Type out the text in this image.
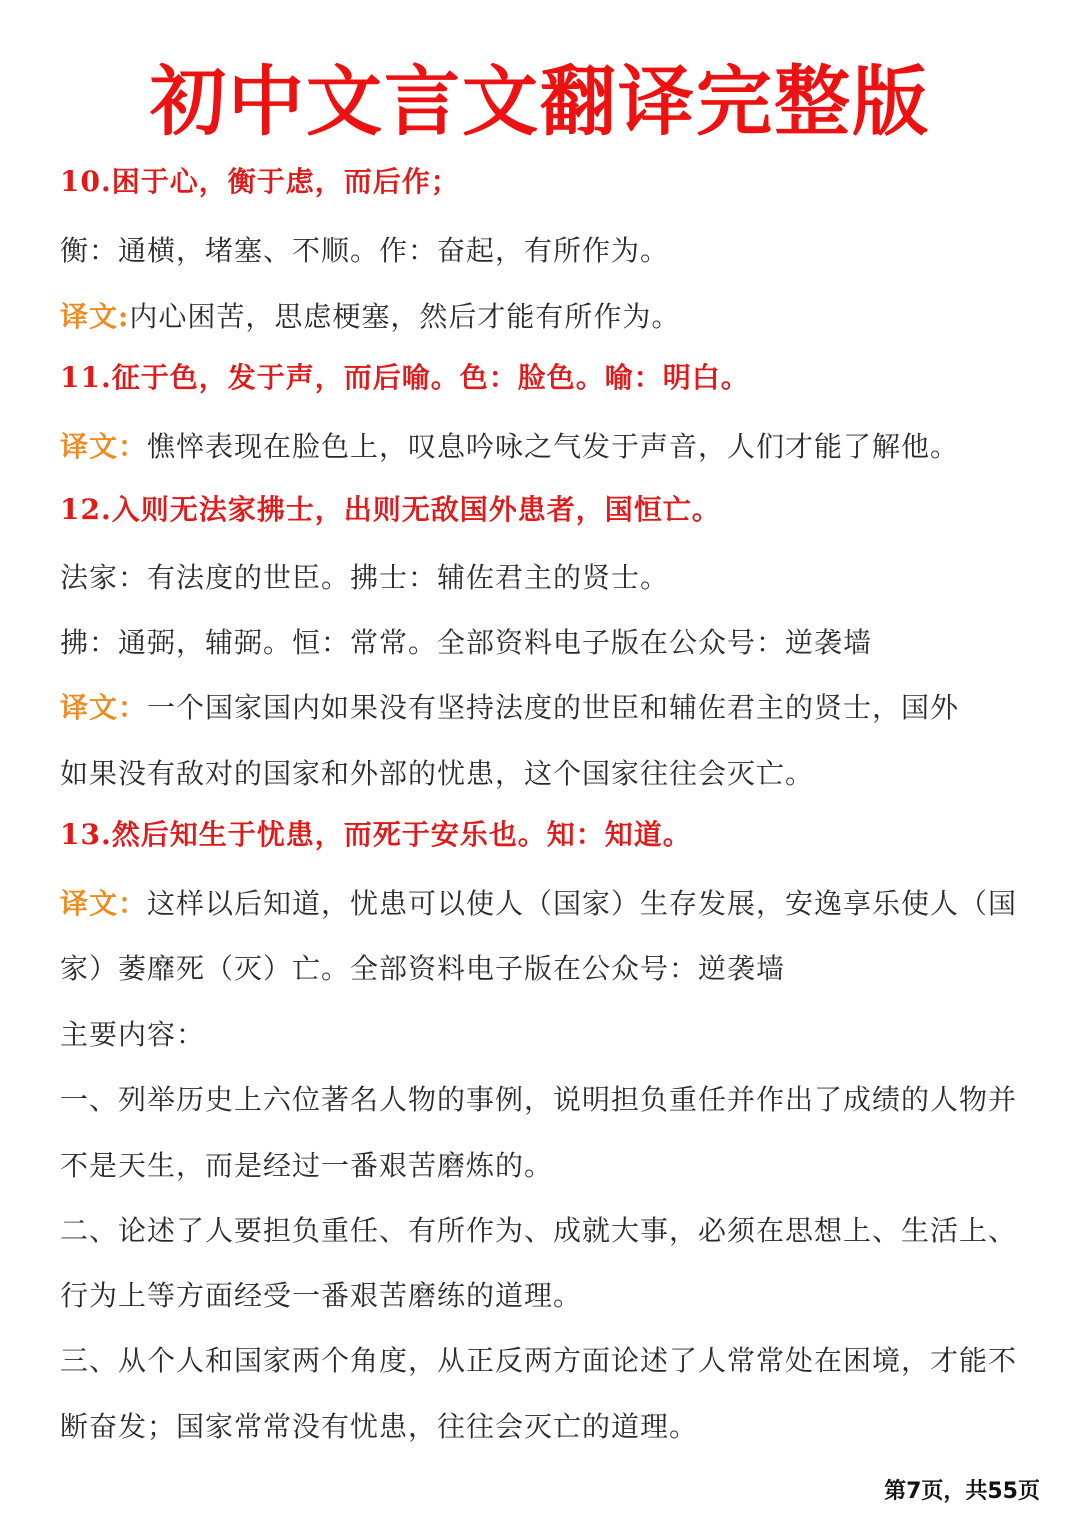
初中文言文翻译完整版
10.困于心，衡于虑，而后作；
衡：通横，堵塞、不顺。作：奋起，有所作为。
译文:内心困苦，思虑梗塞，然后才能有所作为。
11.征于色，发于声，而后喻。色：脸色。喻：明白。
译文：憔悴表现在脸色上，叹息吟咏之气发于声音，人们才能了解他。
12.入则无法家拂士，出则无敌国外患者，国恒亡。
法家：有法度的世臣。拂士：辅佐君主的贤士。
拂：通弼，辅弼。恒：常常。全部资料电子版在公众号：逆袭墙
译文：一个国家国内如果没有坚持法度的世臣和辅佐君主的贤士，国外
如果没有敌对的国家和外部的忧患，这个国家往往会灭亡。
13.然后知生于忧患，而死于安乐也。知：知道。
译文：这样以后知道，忧患可以使人（国家）生存发展，安逸享乐使人（国
家）萎靡死（灭）亡。全部资料电子版在公众号：逆袭墙
主要内容：
一、列举历史上六位著名人物的事例，说明担负重任并作出了成绩的人物并
不是天生，而是经过一番艰苦磨炼的。
二、论述了人要担负重任、有所作为、成就大事，必须在思想上、生活上、
行为上等方面经受一番艰苦磨练的道理。
三、从个人和国家两个角度，从正反两方面论述了人常常处在困境，才能不
断奋发；国家常常没有忧患，往往会灭亡的道理。
第7页，共55页
